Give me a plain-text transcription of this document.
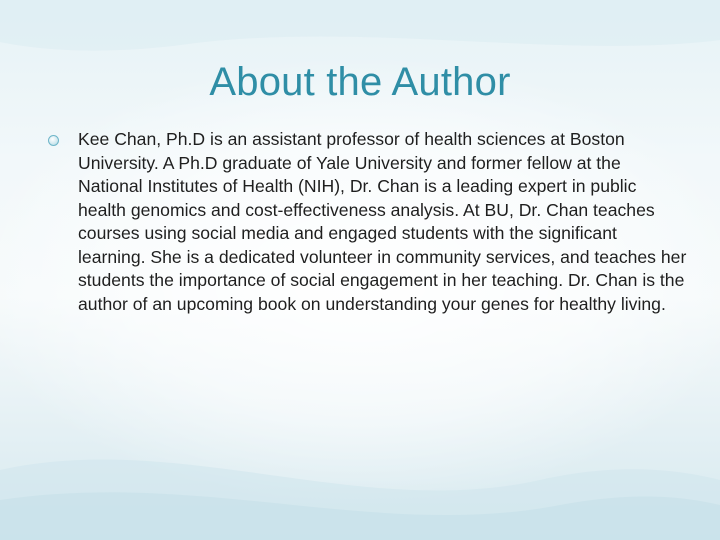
About the Author

Kee Chan, Ph.D is an assistant professor of health sciences at Boston University. A Ph.D graduate of Yale University and former fellow at the National Institutes of Health (NIH), Dr. Chan is a leading expert in public health genomics and cost-effectiveness analysis. At BU, Dr. Chan teaches courses using social media and engaged students with the significant learning. She is a dedicated volunteer in community services, and teaches her students the importance of social engagement in her teaching. Dr. Chan is the author of an upcoming book on understanding your genes for healthy living.
